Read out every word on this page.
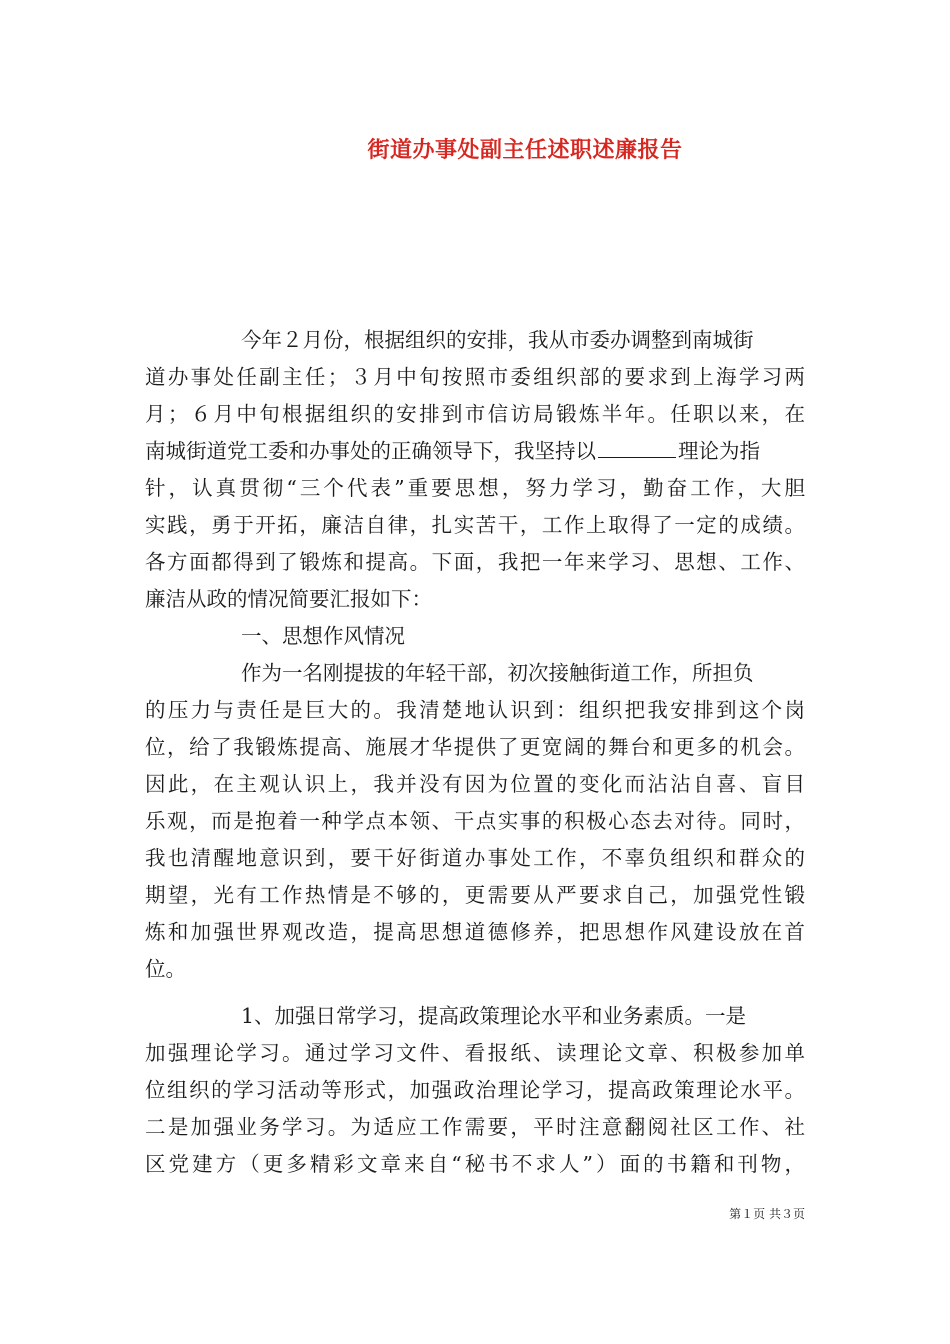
街道办事处副主任述职述廉报告
今年２月份，根据组织的安排，我从市委办调整到南城街
道办事处任副主任；３月中旬按照市委组织部的要求到上海学习两
月；６月中旬根据组织的安排到市信访局锻炼半年。任职以来，在
南城街道党工委和办事处的正确领导下，我坚持以	理论为指
针，认真贯彻“三个代表”重要思想，努力学习，勤奋工作，大胆
实践，勇于开拓，廉洁自律，扎实苦干，工作上取得了一定的成绩。
各方面都得到了锻炼和提高。下面，我把一年来学习、思想、工作、
廉洁从政的情况简要汇报如下：
一、思想作风情况
作为一名刚提拔的年轻干部，初次接触街道工作，所担负
的压力与责任是巨大的。我清楚地认识到：组织把我安排到这个岗
位，给了我锻炼提高、施展才华提供了更宽阔的舞台和更多的机会。
因此，在主观认识上，我并没有因为位置的变化而沾沾自喜、盲目
乐观，而是抱着一种学点本领、干点实事的积极心态去对待。同时，
我也清醒地意识到，要干好街道办事处工作，不辜负组织和群众的
期望，光有工作热情是不够的，更需要从严要求自己，加强党性锻
炼和加强世界观改造，提高思想道德修养，把思想作风建设放在首
位。
1、加强日常学习，提高政策理论水平和业务素质。一是
加强理论学习。通过学习文件、看报纸、读理论文章、积极参加单
位组织的学习活动等形式，加强政治理论学习，提高政策理论水平。
二是加强业务学习。为适应工作需要，平时注意翻阅社区工作、社
区党建方（更多精彩文章来自“秘书不求人”）面的书籍和刊物，
第１页 共３页
